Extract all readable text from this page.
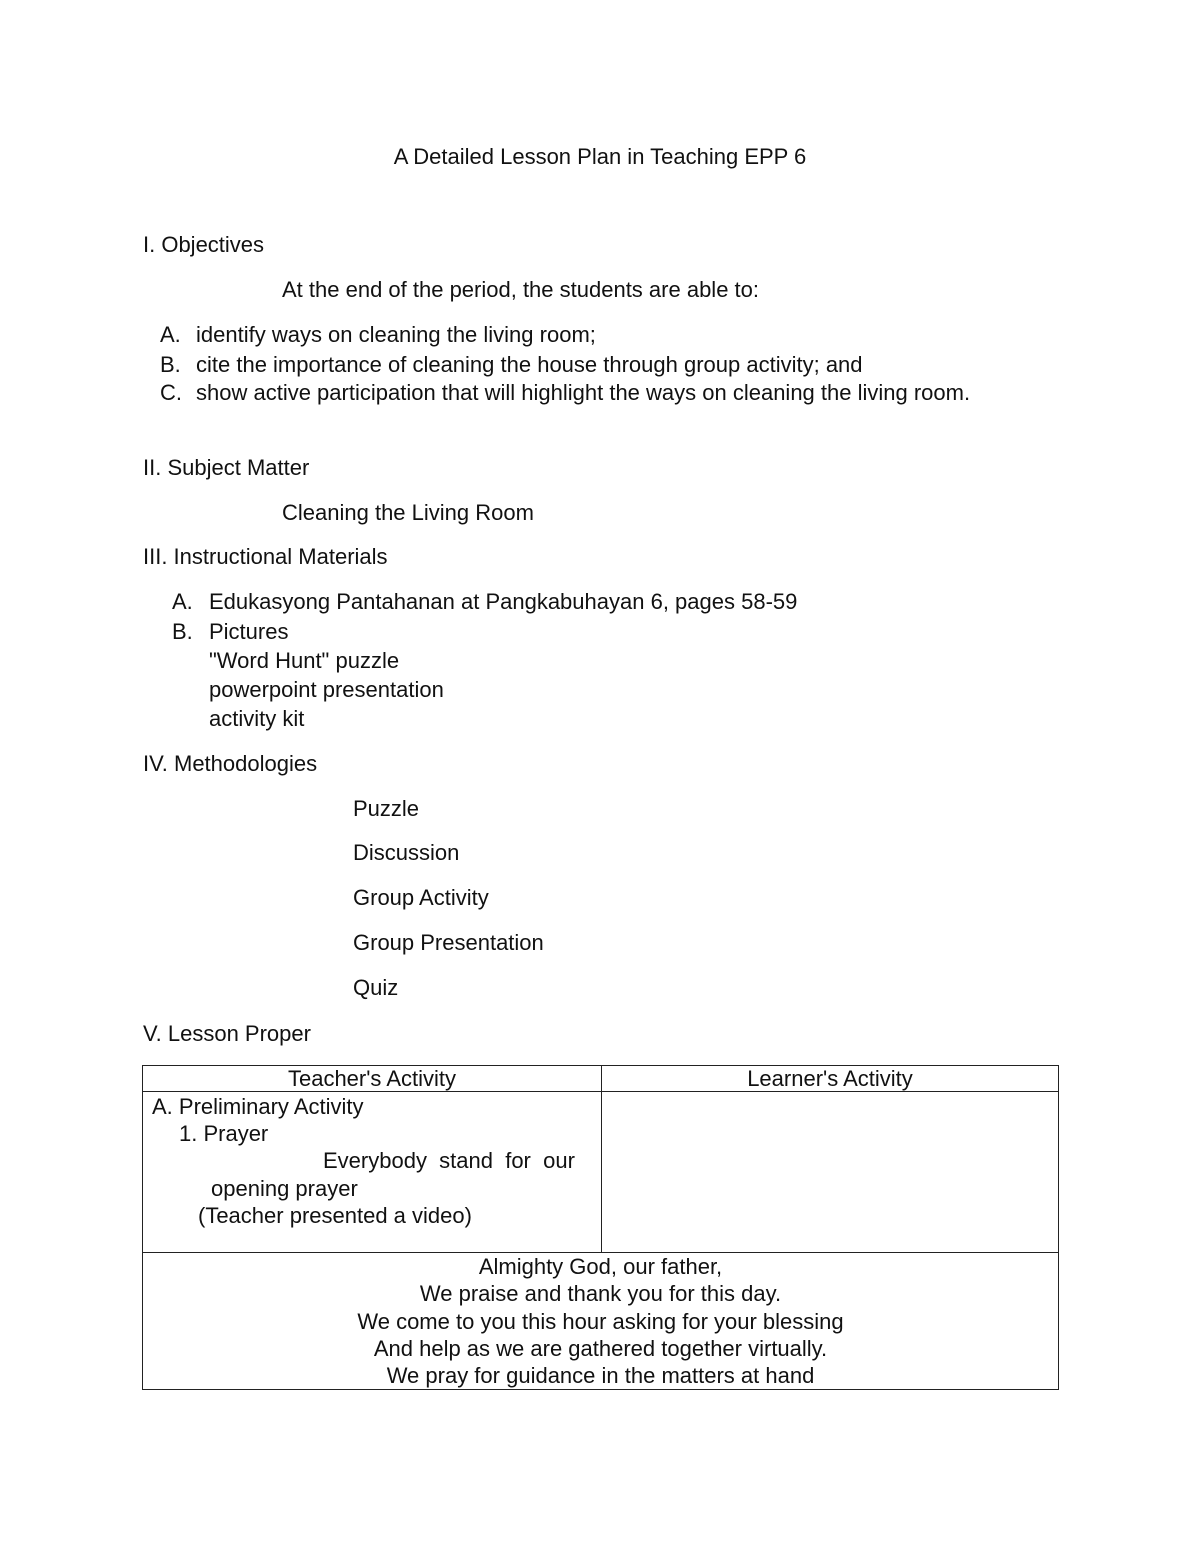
A Detailed Lesson Plan in Teaching EPP 6
I. Objectives
At the end of the period, the students are able to:
A. identify ways on cleaning the living room;
B. cite the importance of cleaning the house through group activity; and
C. show active participation that will highlight the ways on cleaning the living room.
II. Subject Matter
Cleaning the Living Room
III. Instructional Materials
A. Edukasyong Pantahanan at Pangkabuhayan 6, pages 58-59
B. Pictures
"Word Hunt" puzzle
powerpoint presentation
activity kit
IV. Methodologies
Puzzle
Discussion
Group Activity
Group Presentation
Quiz
V. Lesson Proper
Teacher's Activity	Learner's Activity

A. Preliminary Activity
1. Prayer
Everybody  stand  for  our
opening prayer
(Teacher presented a video)	

Almighty God, our father,
We praise and thank you for this day.
We come to you this hour asking for your blessing
And help as we are gathered together virtually.
We pray for guidance in the matters at hand	
